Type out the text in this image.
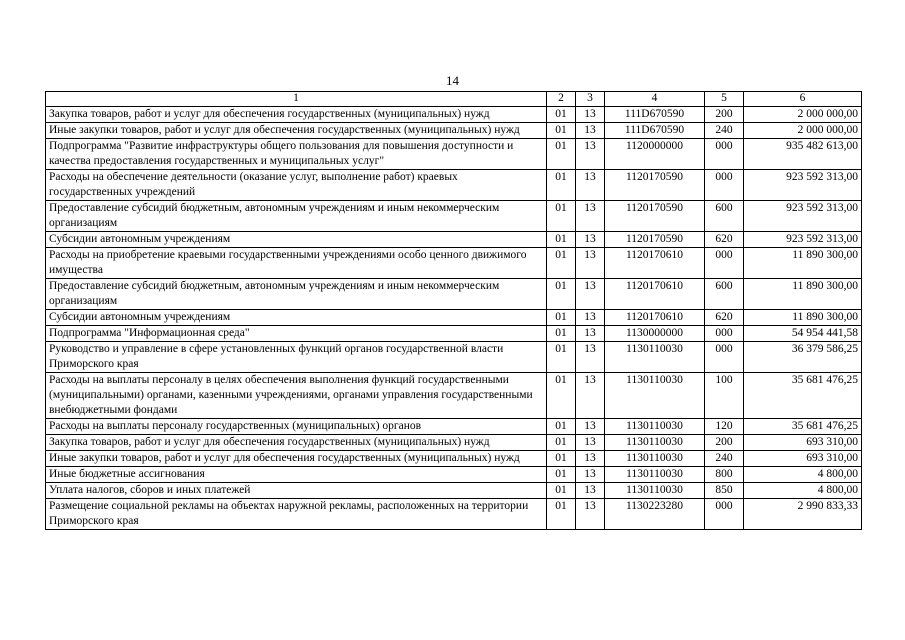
14
1	2	3	4	5	6
Закупка товаров, работ и услуг для обеспечения государственных (муниципальных) нужд	01	13	111D670590	200	2 000 000,00
Иные закупки товаров, работ и услуг для обеспечения государственных (муниципальных) нужд	01	13	111D670590	240	2 000 000,00
Подпрограмма "Развитие инфраструктуры общего пользования для повышения доступности и качества предоставления государственных и муниципальных услуг"	01	13	1120000000	000	935 482 613,00
Расходы на обеспечение деятельности (оказание услуг, выполнение работ) краевых государственных учреждений	01	13	1120170590	000	923 592 313,00
Предоставление субсидий бюджетным, автономным учреждениям и иным некоммерческим организациям	01	13	1120170590	600	923 592 313,00
Субсидии автономным учреждениям	01	13	1120170590	620	923 592 313,00
Расходы на приобретение краевыми государственными учреждениями особо ценного движимого имущества	01	13	1120170610	000	11 890 300,00
Предоставление субсидий бюджетным, автономным учреждениям и иным некоммерческим организациям	01	13	1120170610	600	11 890 300,00
Субсидии автономным учреждениям	01	13	1120170610	620	11 890 300,00
Подпрограмма "Информационная среда"	01	13	1130000000	000	54 954 441,58
Руководство и управление в сфере установленных функций органов государственной власти Приморского края	01	13	1130110030	000	36 379 586,25
Расходы на выплаты персоналу в целях обеспечения выполнения функций государственными (муниципальными) органами, казенными учреждениями, органами управления государственными внебюджетными фондами	01	13	1130110030	100	35 681 476,25
Расходы на выплаты персоналу государственных (муниципальных) органов	01	13	1130110030	120	35 681 476,25
Закупка товаров, работ и услуг для обеспечения государственных (муниципальных) нужд	01	13	1130110030	200	693 310,00
Иные закупки товаров, работ и услуг для обеспечения государственных (муниципальных) нужд	01	13	1130110030	240	693 310,00
Иные бюджетные ассигнования	01	13	1130110030	800	4 800,00
Уплата налогов, сборов и иных платежей	01	13	1130110030	850	4 800,00
Размещение социальной рекламы на объектах наружной рекламы, расположенных на территории Приморского края	01	13	1130223280	000	2 990 833,33
